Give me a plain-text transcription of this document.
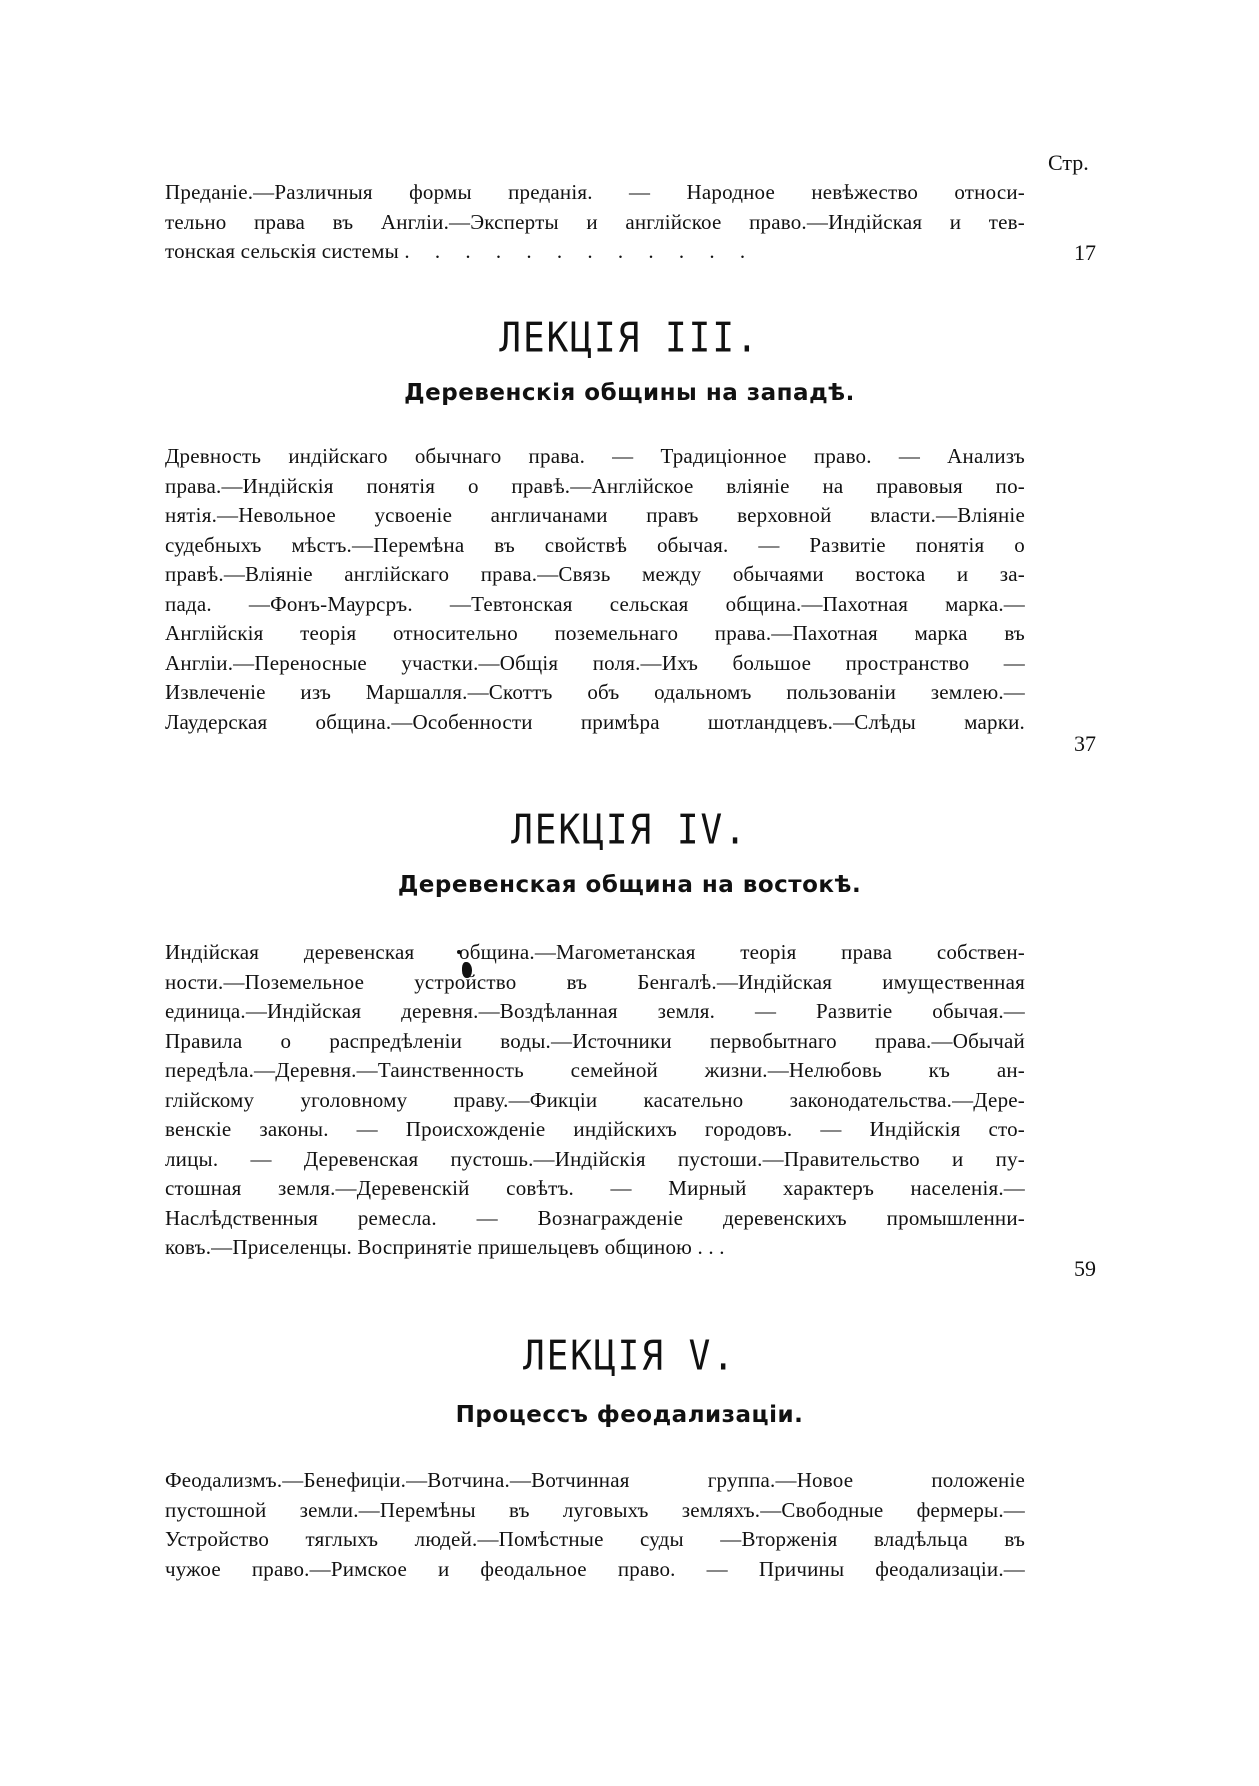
Стр.
Преданiе.—Различныя формы преданiя. — Народное невѣжество относи-
тельно права въ Англiи.—Эксперты и англiйское право.—Индiйская и тев-
тонская сельскiя системы . . . . . . . . . . . .	17
ЛЕКЦIЯ III.
Деревенскiя общины на западѣ.
Древность индiйскаго обычнаго права. — Традицiонное право. — Анализъ
права.—Индiйскiя понятiя о правѣ.—Англiйское влiянiе на правовыя по-
нятiя.—Невольное усвоенiе англичанами правъ верховной власти.—Влiянiе
судебныхъ мѣстъ.—Перемѣна въ свойствѣ обычая. — Развитiе понятiя о
правѣ.—Влiянiе англiйскаго права.—Связь между обычаями востока и за-
пада. —Фонъ-Маурсръ. —Тевтонская сельская община.—Пахотная марка.—
Англiйскiя теорiя относительно поземельнаго права.—Пахотная марка въ
Англiи.—Переносные участки.—Общiя поля.—Ихъ большое пространство —
Извлеченiе изъ Маршалля.—Скоттъ объ одальномъ пользованiи землею.—
Лаудерская община.—Особенности примѣра шотландцевъ.—Слѣды марки.
37
ЛЕКЦIЯ IV.
Деревенская община на востокѣ.
Индiйская деревенская община.—Магометанская теорiя права собствен-
ности.—Поземельное устройство въ Бенгалѣ.—Индiйская имущественная
единица.—Индiйская деревня.—Воздѣланная земля. — Развитiе обычая.—
Правила о распредѣленiи воды.—Источники первобытнаго права.—Обычай
передѣла.—Деревня.—Таинственность семейной жизни.—Нелюбовь къ ан-
глiйскому уголовному праву.—Фикцiи касательно законодательства.—Дере-
венскiе законы. — Происхожденiе индiйскихъ городовъ. — Индiйскiя сто-
лицы. — Деревенская пустошь.—Индiйскiя пустоши.—Правительство и пу-
стошная земля.—Деревенскiй совѣтъ. — Мирный характеръ населенiя.—
Наслѣдственныя ремесла. — Вознагражденiе деревенскихъ промышленни-
ковъ.—Приселенцы. Воспринятiе пришельцевъ общиною . . .
59
ЛЕКЦIЯ V.
Процессъ феодализацiи.
Феодализмъ.—Бенефицiи.—Вотчина.—Вотчинная группа.—Новое положенiе
пустошной земли.—Перемѣны въ луговыхъ земляхъ.—Свободные фермеры.—
Устройство тяглыхъ людей.—Помѣстные суды —Вторженiя владѣльца въ
чужое право.—Римское и феодальное право. — Причины феодализацiи.—
